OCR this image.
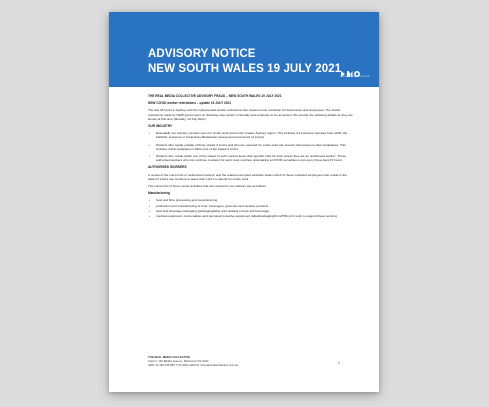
ADVISORY NOTICE
NEW SOUTH WALES 19 JULY 2021
THE REAL MEDIA COLLECTIVE

THE REAL MEDIA COLLECTIVE ADVISORY FRAUD – NEW SOUTH WALES 19 JULY 2021

NSW COVID worker restrictions – update 19 JULY 2021

The last 48 hours in Sydney and the implemented worker restrictions has caused some confusion for businesses and employees. The stated restrictions made by NSW government on Saturday was varied on Sunday and continues to be amended. We provide the following details as they are known at this time (Monday, 19 July 2021).

OUR INDUSTRY

› Essentially our industry remains open for onsite work across the Greater Sydney region. This includes if a business operates from within the Fairfield, Liverpool or Canterbury-Bankstown local government areas (3 LGA's).
› Workers who reside outside of those stated 3 LGA's and who are required for onsite work can present themselves to their workplaces. This includes if that workplace is within one of the stated 3 LGA's.
› Workers who reside within one of the stated 3 LGA's cannot leave their specific LGA for work unless they are an 'authorised worker'. These authorised workers who can continue to attend for work must continue undertaking a COVID surveillance test every three days/72 hours.

AUTHORISED WORKERS

A review of the current list of 'authorised workers' and the related exempted activities states which of those impacted employees who reside in the stated 3 LGA's can continue to leave their LGA's to attend for onsite work.

The current list of those sector activities that are relevant to our industry are as follows:

Manufacturing

› food and fibre processing and manufacturing
› production and manufacturing of food, beverages, groceries and sanitary products
› food and beverage packaging (packaging/label print relating to food and beverage)
› medical equipment, consumables and personal protective equipment (label/packaging/form/PPE print work to support these sectors)
THE REAL MEDIA COLLECTIVE
Suite 6, 191 Bankly Avenue, Richmond VIC 3121
ABN: 13 192 235 550 T: 03 9421 2200 W: therealmediacollective.com.au	1
